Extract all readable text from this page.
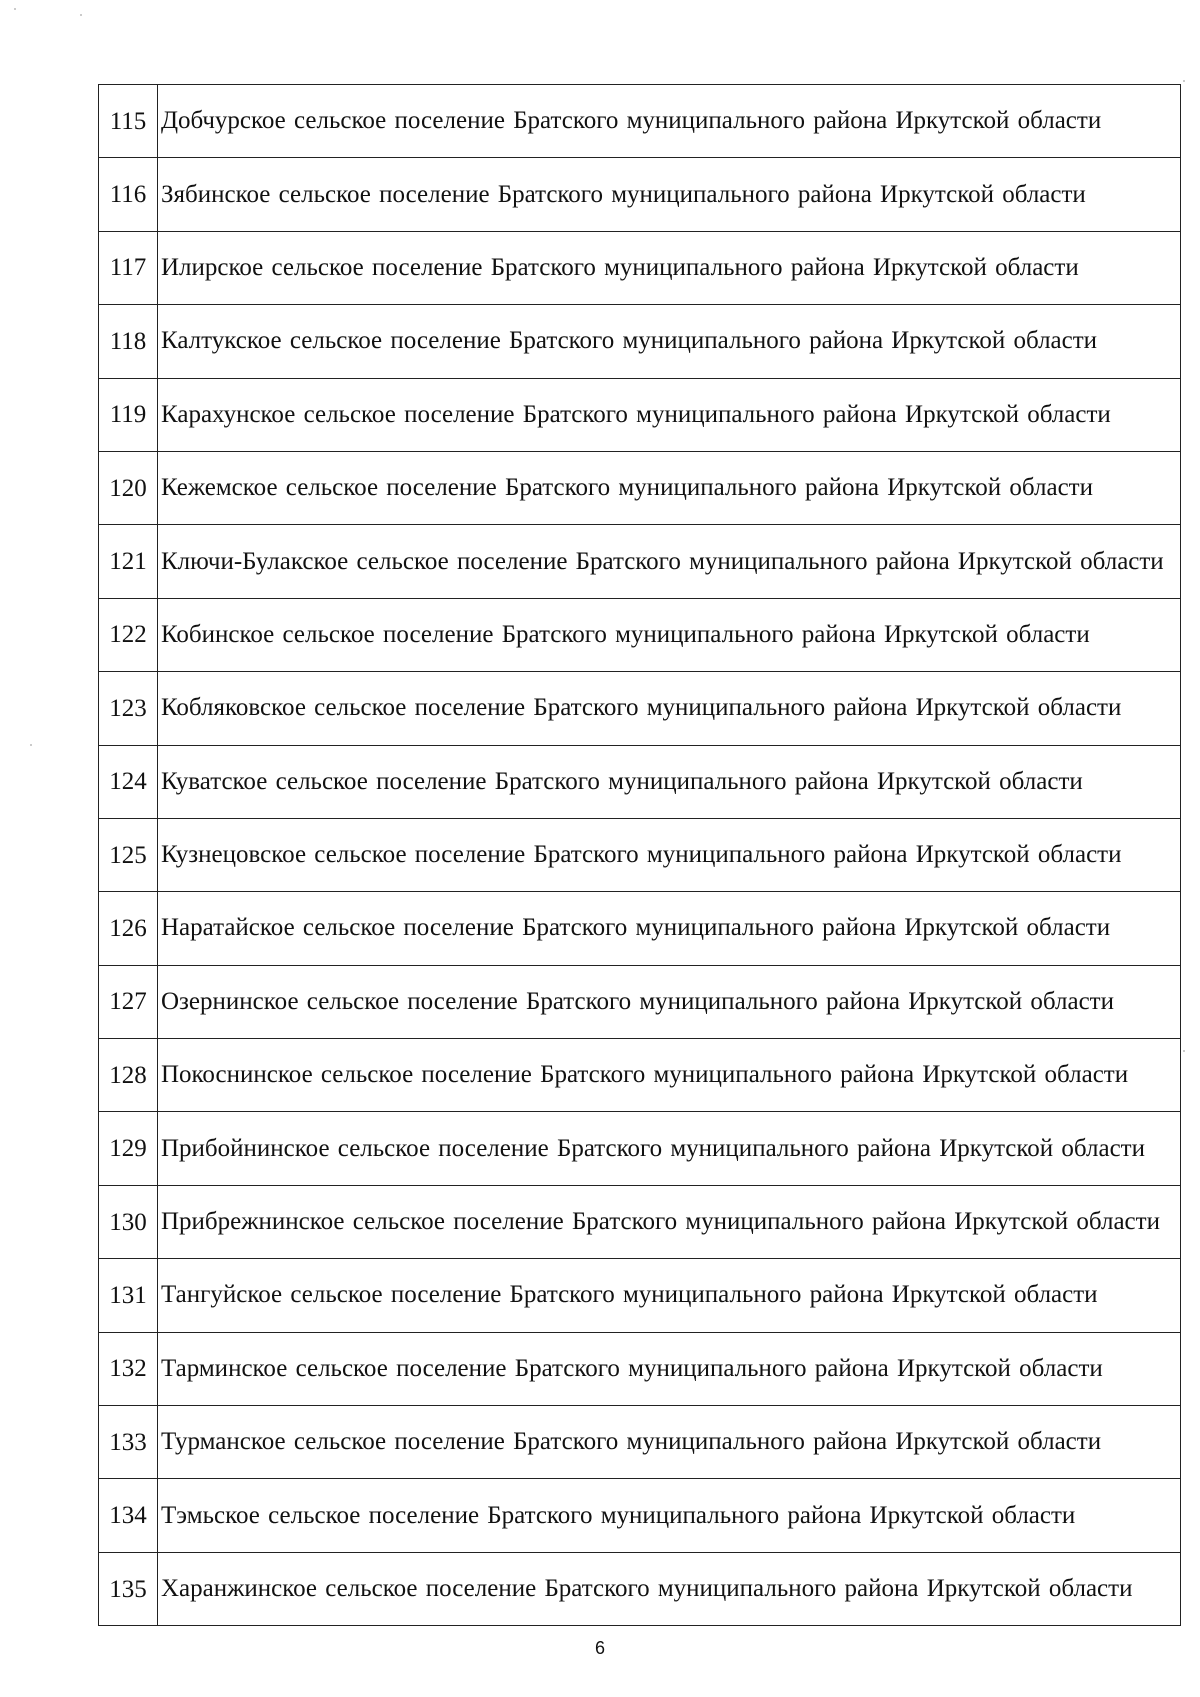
115	Добчурское сельское поселение Братского муниципального района Иркутской области
116	Зябинское сельское поселение Братского муниципального района Иркутской области
117	Илирское сельское поселение Братского муниципального района Иркутской области
118	Калтукское сельское поселение Братского муниципального района Иркутской области
119	Карахунское сельское поселение Братского муниципального района Иркутской области
120	Кежемское сельское поселение Братского муниципального района Иркутской области
121	Ключи-Булакское сельское поселение Братского муниципального района Иркутской области
122	Кобинское сельское поселение Братского муниципального района Иркутской области
123	Кобляковское сельское поселение Братского муниципального района Иркутской области
124	Куватское сельское поселение Братского муниципального района Иркутской области
125	Кузнецовское сельское поселение Братского муниципального района Иркутской области
126	Наратайское сельское поселение Братского муниципального района Иркутской области
127	Озернинское сельское поселение Братского муниципального района Иркутской области
128	Покоснинское сельское поселение Братского муниципального района Иркутской области
129	Прибойнинское сельское поселение Братского муниципального района Иркутской области
130	Прибрежнинское сельское поселение Братского муниципального района Иркутской области
131	Тангуйское сельское поселение Братского муниципального района Иркутской области
132	Тарминское сельское поселение Братского муниципального района Иркутской области
133	Турманское сельское поселение Братского муниципального района Иркутской области
134	Тэмьское сельское поселение Братского муниципального района Иркутской области
135	Харанжинское сельское поселение Братского муниципального района Иркутской области
6
